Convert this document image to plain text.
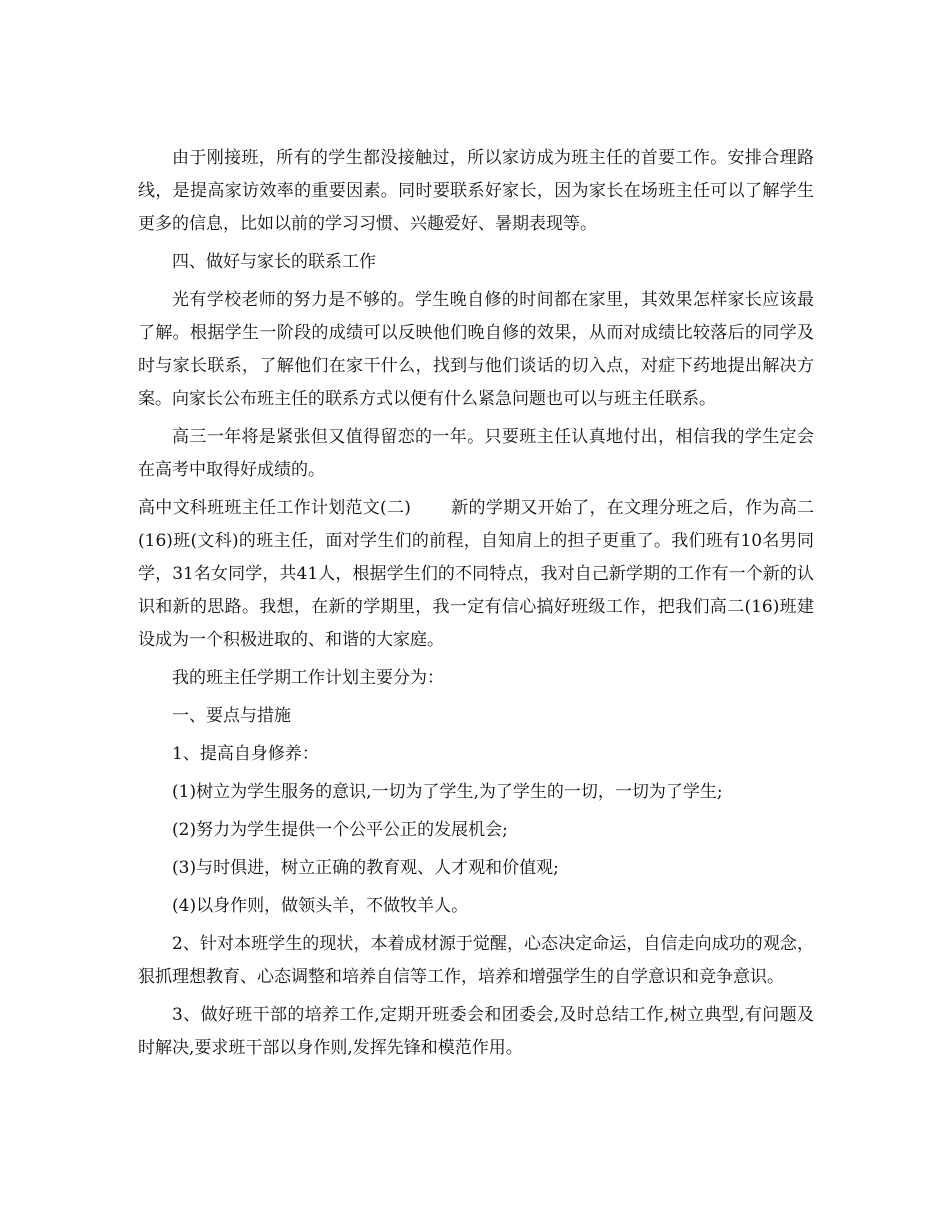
由于刚接班，所有的学生都没接触过，所以家访成为班主任的首要工作。安排合理路线，是提高家访效率的重要因素。同时要联系好家长，因为家长在场班主任可以了解学生更多的信息，比如以前的学习习惯、兴趣爱好、暑期表现等。

四、做好与家长的联系工作

光有学校老师的努力是不够的。学生晚自修的时间都在家里，其效果怎样家长应该最了解。根据学生一阶段的成绩可以反映他们晚自修的效果，从而对成绩比较落后的同学及时与家长联系，了解他们在家干什么，找到与他们谈话的切入点，对症下药地提出解决方案。向家长公布班主任的联系方式以便有什么紧急问题也可以与班主任联系。

高三一年将是紧张但又值得留恋的一年。只要班主任认真地付出，相信我的学生定会在高考中取得好成绩的。

高中文科班班主任工作计划范文(二) 新的学期又开始了，在文理分班之后，作为高二(16)班(文科)的班主任，面对学生们的前程，自知肩上的担子更重了。我们班有10名男同学，31名女同学，共41人，根据学生们的不同特点，我对自己新学期的工作有一个新的认识和新的思路。我想，在新的学期里，我一定有信心搞好班级工作，把我们高二(16)班建设成为一个积极进取的、和谐的大家庭。

我的班主任学期工作计划主要分为：

一、要点与措施

1、提高自身修养：

(1)树立为学生服务的意识,一切为了学生,为了学生的一切，一切为了学生;

(2)努力为学生提供一个公平公正的发展机会;

(3)与时俱进，树立正确的教育观、人才观和价值观;

(4)以身作则，做领头羊，不做牧羊人。

2、针对本班学生的现状，本着成材源于觉醒，心态决定命运，自信走向成功的观念，狠抓理想教育、心态调整和培养自信等工作，培养和增强学生的自学意识和竞争意识。

3、做好班干部的培养工作,定期开班委会和团委会,及时总结工作,树立典型,有问题及时解决,要求班干部以身作则,发挥先锋和模范作用。
